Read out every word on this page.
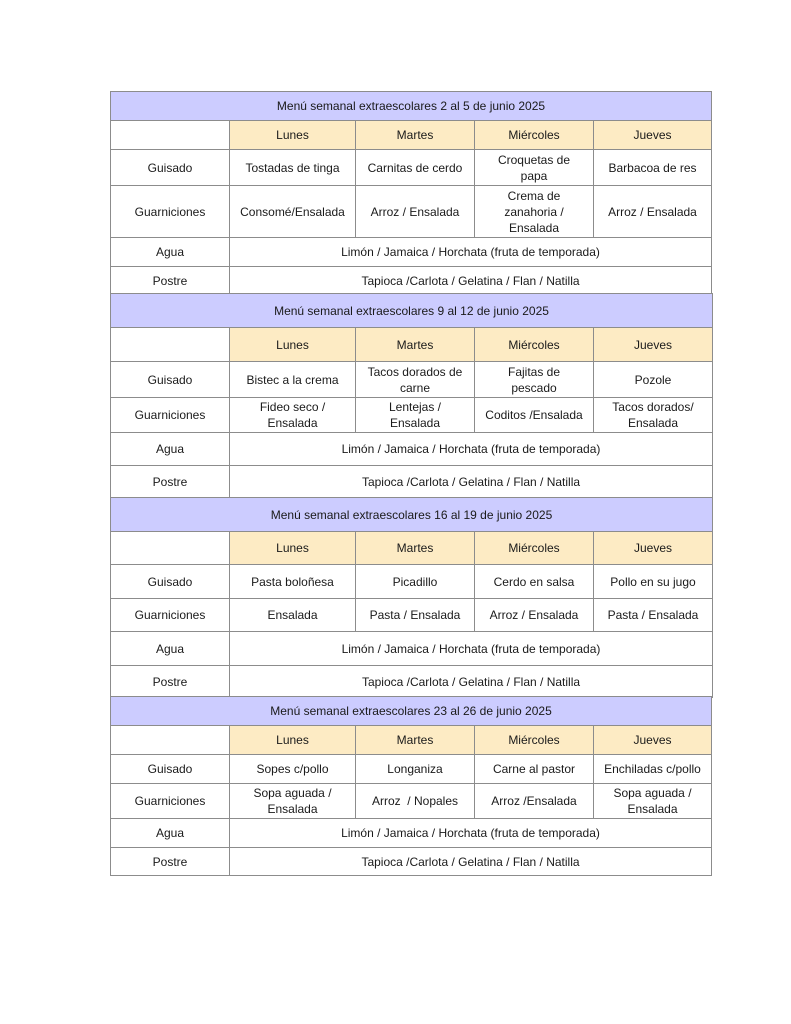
Menú semanal extraescolares 2 al 5 de junio 2025				
	Lunes	Martes	Miércoles	Jueves
Guisado	Tostadas de tinga	Carnitas de cerdo	Croquetas de papa	Barbacoa de res
Guarniciones	Consomé/Ensalada	Arroz / Ensalada	Crema de zanahoria / Ensalada	Arroz / Ensalada
Agua	Limón / Jamaica / Horchata (fruta de temporada)			
Postre	Tapioca /Carlota / Gelatina / Flan / Natilla			
Menú semanal extraescolares 9 al 12 de junio 2025				
	Lunes	Martes	Miércoles	Jueves
Guisado	Bistec a la crema	Tacos dorados de carne	Fajitas de pescado	Pozole
Guarniciones	Fideo seco / Ensalada	Lentejas / Ensalada	Coditos /Ensalada	Tacos dorados/ Ensalada
Agua	Limón / Jamaica / Horchata (fruta de temporada)			
Postre	Tapioca /Carlota / Gelatina / Flan / Natilla			
Menú semanal extraescolares 16 al 19 de junio 2025				
	Lunes	Martes	Miércoles	Jueves
Guisado	Pasta boloñesa	Picadillo	Cerdo en salsa	Pollo en su jugo
Guarniciones	Ensalada	Pasta / Ensalada	Arroz / Ensalada	Pasta / Ensalada
Agua	Limón / Jamaica / Horchata (fruta de temporada)			
Postre	Tapioca /Carlota / Gelatina / Flan / Natilla			
Menú semanal extraescolares 23 al 26 de junio 2025				
	Lunes	Martes	Miércoles	Jueves
Guisado	Sopes c/pollo	Longaniza	Carne al pastor	Enchiladas c/pollo
Guarniciones	Sopa aguada / Ensalada	Arroz  / Nopales	Arroz /Ensalada	Sopa aguada / Ensalada
Agua	Limón / Jamaica / Horchata (fruta de temporada)			
Postre	Tapioca /Carlota / Gelatina / Flan / Natilla			
